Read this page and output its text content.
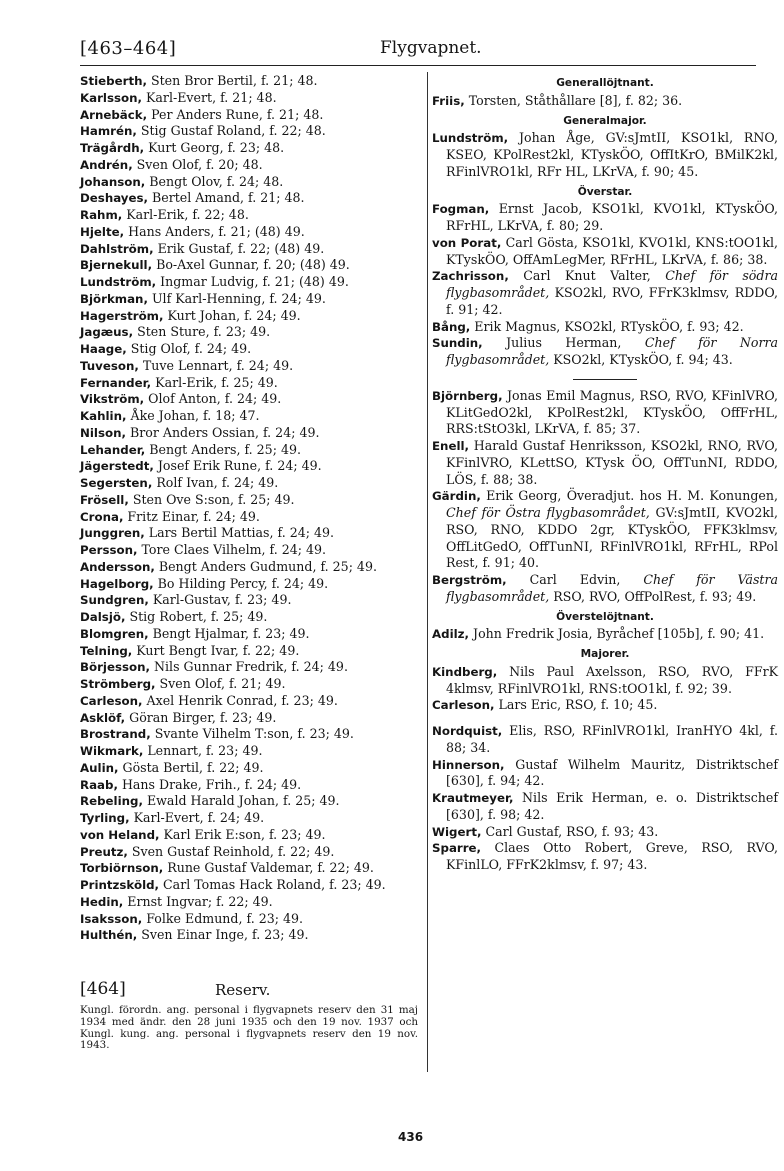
[463–464]	Flygvapnet.

Stieberth, Sten Bror Bertil, f. 21; 48.

Karlsson, Karl-Evert, f. 21; 48.

Arnebäck, Per Anders Rune, f. 21; 48.

Hamrén, Stig Gustaf Roland, f. 22; 48.

Trägårdh, Kurt Georg, f. 23; 48.

Andrén, Sven Olof, f. 20; 48.

Johanson, Bengt Olov, f. 24; 48.

Deshayes, Bertel Amand, f. 21; 48.

Rahm, Karl-Erik, f. 22; 48.

Hjelte, Hans Anders, f. 21; (48) 49.

Dahlström, Erik Gustaf, f. 22; (48) 49.

Bjernekull, Bo-Axel Gunnar, f. 20; (48) 49.

Lundström, Ingmar Ludvig, f. 21; (48) 49.

Björkman, Ulf Karl-Henning, f. 24; 49.

Hagerström, Kurt Johan, f. 24; 49.

Jagæus, Sten Sture, f. 23; 49.

Haage, Stig Olof, f. 24; 49.

Tuveson, Tuve Lennart, f. 24; 49.

Fernander, Karl-Erik, f. 25; 49.

Vikström, Olof Anton, f. 24; 49.

Kahlin, Åke Johan, f. 18; 47.

Nilson, Bror Anders Ossian, f. 24; 49.

Lehander, Bengt Anders, f. 25; 49.

Jägerstedt, Josef Erik Rune, f. 24; 49.

Segersten, Rolf Ivan, f. 24; 49.

Frösell, Sten Ove S:son, f. 25; 49.

Crona, Fritz Einar, f. 24; 49.

Junggren, Lars Bertil Mattias, f. 24; 49.

Persson, Tore Claes Vilhelm, f. 24; 49.

Andersson, Bengt Anders Gudmund, f. 25; 49.

Hagelborg, Bo Hilding Percy, f. 24; 49.

Sundgren, Karl-Gustav, f. 23; 49.

Dalsjö, Stig Robert, f. 25; 49.

Blomgren, Bengt Hjalmar, f. 23; 49.

Telning, Kurt Bengt Ivar, f. 22; 49.

Börjesson, Nils Gunnar Fredrik, f. 24; 49.

Strömberg, Sven Olof, f. 21; 49.

Carleson, Axel Henrik Conrad, f. 23; 49.

Asklöf, Göran Birger, f. 23; 49.

Brostrand, Svante Vilhelm T:son, f. 23; 49.

Wikmark, Lennart, f. 23; 49.

Aulin, Gösta Bertil, f. 22; 49.

Raab, Hans Drake, Frih., f. 24; 49.

Rebeling, Ewald Harald Johan, f. 25; 49.

Tyrling, Karl-Evert, f. 24; 49.

von Heland, Karl Erik E:son, f. 23; 49.

Preutz, Sven Gustaf Reinhold, f. 22; 49.

Torbiörnson, Rune Gustaf Valdemar, f. 22; 49.

Printzsköld, Carl Tomas Hack Roland, f. 23; 49.

Hedin, Ernst Ingvar; f. 22; 49.

Isaksson, Folke Edmund, f. 23; 49.

Hulthén, Sven Einar Inge, f. 23; 49.

[464]	Reserv.
Kungl. förordn. ang. personal i flygvapnets reserv den 31 maj 1934 med ändr. den 28 juni 1935 och den 19 nov. 1937 och Kungl. kung. ang. personal i flygvapnets reserv den 19 nov. 1943.
Generallöjtnant.

Friis, Torsten, Ståthållare [8], f. 82; 36.

Generalmajor.

Lundström, Johan Åge, GV:sJmtII, KSO1kl, RNO, KSEO, KPolRest2kl, KTyskÖO, OffItKrO, BMilK2kl, RFinlVRO1kl, RFr HL, LKrVA, f. 90; 45.

Överstar.

Fogman, Ernst Jacob, KSO1kl, KVO1kl, KTyskÖO, RFrHL, LKrVA, f. 80; 29.

von Porat, Carl Gösta, KSO1kl, KVO1kl, KNS:tOO1kl, KTyskÖO, OffAmLegMer, RFrHL, LKrVA, f. 86; 38.

Zachrisson, Carl Knut Valter, Chef för södra flygbasområdet, KSO2kl, RVO, FFrK3klmsv, RDDO, f. 91; 42.

Bång, Erik Magnus, KSO2kl, RTyskÖO, f. 93; 42.

Sundin, Julius Herman, Chef för Norra flygbasområdet, KSO2kl, KTyskÖO, f. 94; 43.

Björnberg, Jonas Emil Magnus, RSO, RVO, KFinlVRO, KLitGedO2kl, KPolRest2kl, KTyskÖO, OffFrHL, RRS:tStO3kl, LKrVA, f. 85; 37.

Enell, Harald Gustaf Henriksson, KSO2kl, RNO, RVO, KFinlVRO, KLettSO, KTysk ÖO, OffTunNI, RDDO, LÖS, f. 88; 38.

Gärdin, Erik Georg, Överadjut. hos H. M. Konungen, Chef för Östra flygbasområdet, GV:sJmtII, KVO2kl, RSO, RNO, KDDO 2gr, KTyskÖO, FFK3klmsv, OffLitGedO, OffTunNI, RFinlVRO1kl, RFrHL, RPol Rest, f. 91; 40.

Bergström, Carl Edvin, Chef för Västra flygbasområdet, RSO, RVO, OffPolRest, f. 93; 49.

Överstelöjtnant.

Adilz, John Fredrik Josia, Byråchef [105b], f. 90; 41.

Majorer.

Kindberg, Nils Paul Axelsson, RSO, RVO, FFrK 4klmsv, RFinlVRO1kl, RNS:tOO1kl, f. 92; 39.

Carleson, Lars Eric, RSO, f. 10; 45.

Nordquist, Elis, RSO, RFinlVRO1kl, IranHYO 4kl, f. 88; 34.

Hinnerson, Gustaf Wilhelm Mauritz, Distriktschef [630], f. 94; 42.

Krautmeyer, Nils Erik Herman, e. o. Distriktschef [630], f. 98; 42.

Wigert, Carl Gustaf, RSO, f. 93; 43.

Sparre, Claes Otto Robert, Greve, RSO, RVO, KFinlLO, FFrK2klmsv, f. 97; 43.

436
